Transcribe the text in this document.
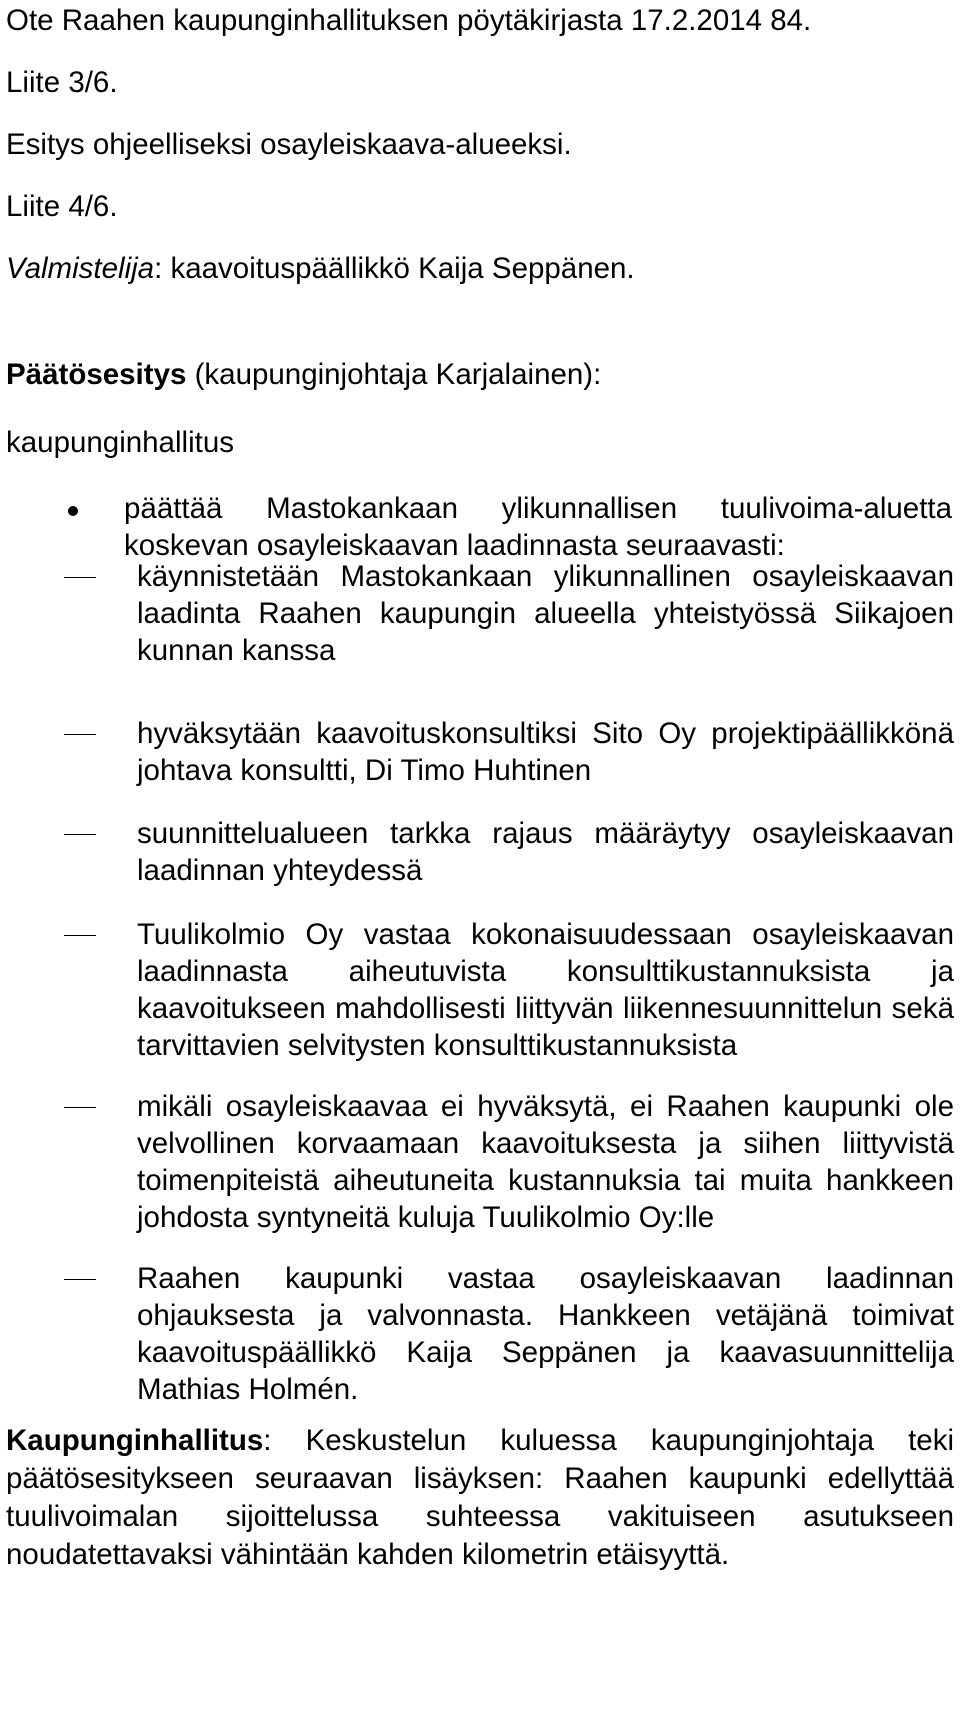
Ote Raahen kaupunginhallituksen pöytäkirjasta 17.2.2014 84.
Liite 3/6.
Esitys ohjeelliseksi osayleiskaava-alueeksi.
Liite 4/6.
Valmistelija: kaavoituspäällikkö Kaija Seppänen.
Päätösesitys (kaupunginjohtaja Karjalainen):
kaupunginhallitus
päättää Mastokankaan ylikunnallisen tuulivoima-aluetta koskevan osayleiskaavan laadinnasta seuraavasti:
käynnistetään Mastokankaan ylikunnallinen osayleiskaavan laadinta Raahen kaupungin alueella yhteistyössä Siikajoen kunnan kanssa
hyväksytään kaavoituskonsultiksi Sito Oy projektipäällikkönä johtava konsultti, Di Timo Huhtinen
suunnittelualueen tarkka rajaus määräytyy osayleiskaavan laadinnan yhteydessä
Tuulikolmio Oy vastaa kokonaisuudessaan osayleiskaavan laadinnasta aiheutuvista konsulttikustannuksista ja kaavoitukseen mahdollisesti liittyvän liikennesuunnittelun sekä tarvittavien selvitysten konsulttikustannuksista
mikäli osayleiskaavaa ei hyväksytä, ei Raahen kaupunki ole velvollinen korvaamaan kaavoituksesta ja siihen liittyvistä toimenpiteistä aiheutuneita kustannuksia tai muita hankkeen johdosta syntyneitä kuluja Tuulikolmio Oy:lle
Raahen kaupunki vastaa osayleiskaavan laadinnan ohjauksesta ja valvonnasta. Hankkeen vetäjänä toimivat kaavoituspäällikkö Kaija Seppänen ja kaavasuunnittelija Mathias Holmén.
Kaupunginhallitus: Keskustelun kuluessa kaupunginjohtaja teki päätösesitykseen seuraavan lisäyksen: Raahen kaupunki edellyttää tuulivoimalan sijoittelussa suhteessa vakituiseen asutukseen noudatettavaksi vähintään kahden kilometrin etäisyyttä.
